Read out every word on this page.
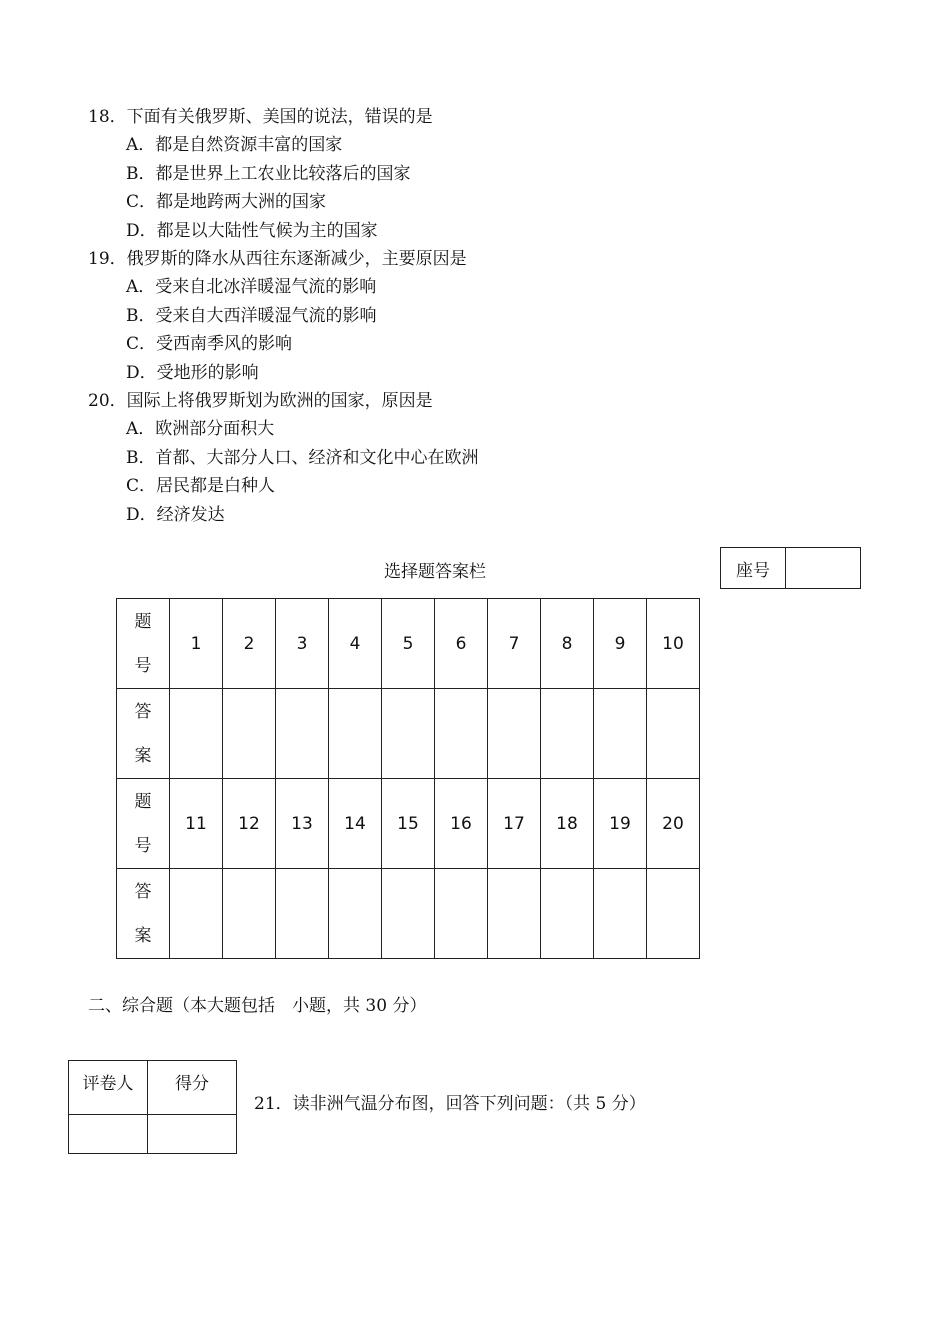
18．下面有关俄罗斯、美国的说法，错误的是
A．都是自然资源丰富的国家
B．都是世界上工农业比较落后的国家
C．都是地跨两大洲的国家
D．都是以大陆性气候为主的国家
19．俄罗斯的降水从西往东逐渐减少，主要原因是
A．受来自北冰洋暖湿气流的影响
B．受来自大西洋暖湿气流的影响
C．受西南季风的影响
D．受地形的影响
20．国际上将俄罗斯划为欧洲的国家，原因是
A．欧洲部分面积大
B．首都、大部分人口、经济和文化中心在欧洲
C．居民都是白种人
D．经济发达
选择题答案栏	座号	
题
号	1	2	3	4	5	6	7	8	9	10

答
案										

题
号	11	12	13	14	15	16	17	18	19	20

答
案										

二、综合题（本大题包括　小题，共 30 分）
评卷人	得分

21．读非洲气温分布图，回答下列问题：（共 5 分）
